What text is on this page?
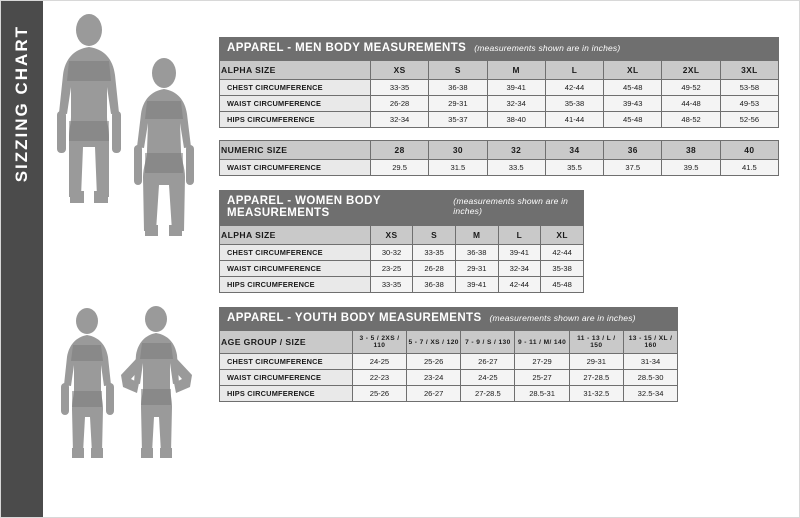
SIZZING CHART	APPAREL - MEN BODY MEASUREMENTS (measurements shown are in inches)
ALPHA SIZE	XS	S	M	L	XL	2XL	3XL
CHEST CIRCUMFERENCE	33-35	36-38	39-41	42-44	45-48	49-52	53-58
WAIST CIRCUMFERENCE	26-28	29-31	32-34	35-38	39-43	44-48	49-53
HIPS CIRCUMFERENCE	32-34	35-37	38-40	41-44	45-48	48-52	52-56
NUMERIC SIZE	28	30	32	34	36	38	40
WAIST CIRCUMFERENCE	29.5	31.5	33.5	35.5	37.5	39.5	41.5
APPAREL - WOMEN BODY MEASUREMENTS
(measurements shown are in inches)
ALPHA SIZE	XS	S	M	L	XL
CHEST CIRCUMFERENCE	30-32	33-35	36-38	39-41	42-44
WAIST CIRCUMFERENCE	23-25	26-28	29-31	32-34	35-38
HIPS CIRCUMFERENCE	33-35	36-38	39-41	42-44	45-48
APPAREL - YOUTH BODY MEASUREMENTS (measurements shown are in inches)
AGE GROUP / SIZE	3 - 5 / 2XS / 110	5 - 7 / XS / 120	7 - 9 / S / 130	9 - 11 / M/ 140	11 - 13 / L / 150	13 - 15 / XL / 160
CHEST CIRCUMFERENCE	24-25	25-26	26-27	27-29	29-31	31-34
WAIST CIRCUMFERENCE	22-23	23-24	24-25	25-27	27-28.5	28.5-30
HIPS CIRCUMFERENCE	25-26	26-27	27-28.5	28.5-31	31-32.5	32.5-34
